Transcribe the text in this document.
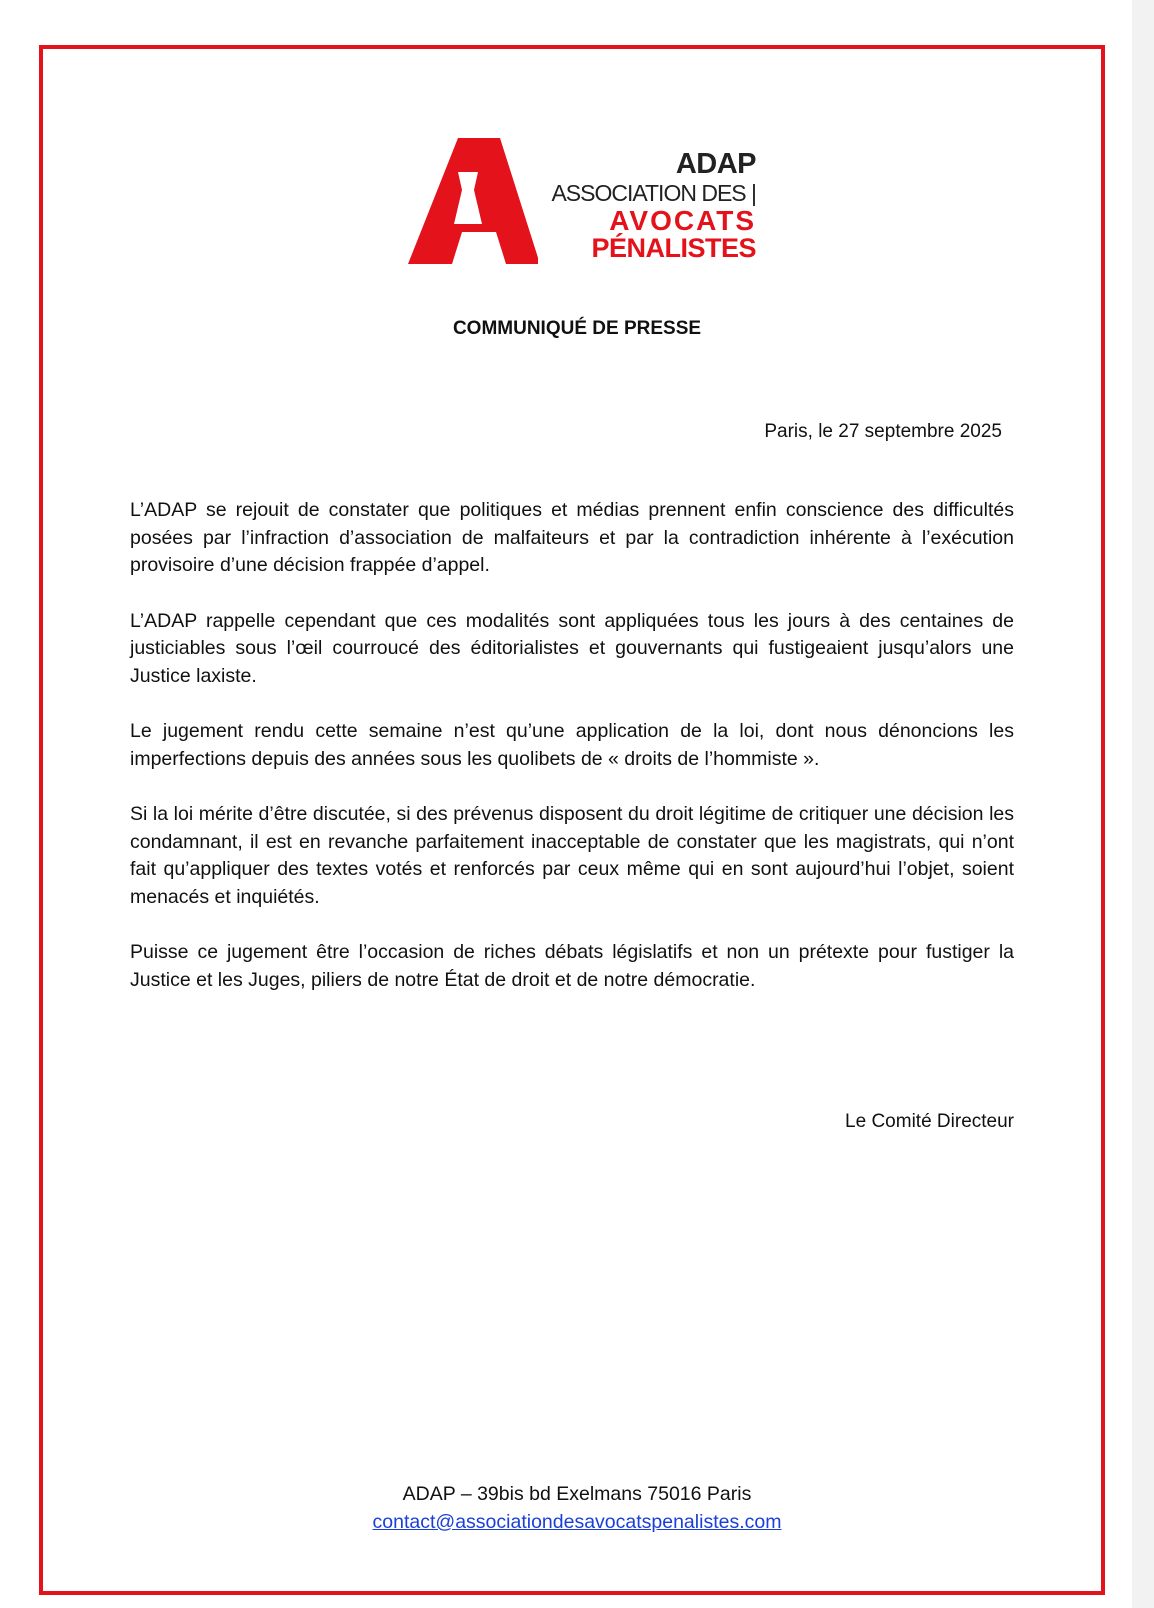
ADAP
ASSOCIATION DES |
AVOCATS
PÉNALISTES
COMMUNIQUÉ DE PRESSE
Paris, le 27 septembre 2025

L’ADAP se rejouit de constater que politiques et médias prennent enfin conscience des difficultés posées par l’infraction d’association de malfaiteurs et par la contradiction inhérente à l’exécution provisoire d’une décision frappée d’appel.

L’ADAP rappelle cependant que ces modalités sont appliquées tous les jours à des centaines de justiciables sous l’œil courroucé des éditorialistes et gouvernants qui fustigeaient jusqu’alors une Justice laxiste.

Le jugement rendu cette semaine n’est qu’une application de la loi, dont nous dénoncions les imperfections depuis des années sous les quolibets de « droits de l’hommiste ».

Si la loi mérite d’être discutée, si des prévenus disposent du droit légitime de critiquer une décision les condamnant, il est en revanche parfaitement inacceptable de constater que les magistrats, qui n’ont fait qu’appliquer des textes votés et renforcés par ceux même qui en sont aujourd’hui l’objet, soient menacés et inquiétés.

Puisse ce jugement être l’occasion de riches débats législatifs et non un prétexte pour fustiger la Justice et les Juges, piliers de notre État de droit et de notre démocratie.

Le Comité Directeur
ADAP – 39bis bd Exelmans 75016 Paris
contact@associationdesavocatspenalistes.com
